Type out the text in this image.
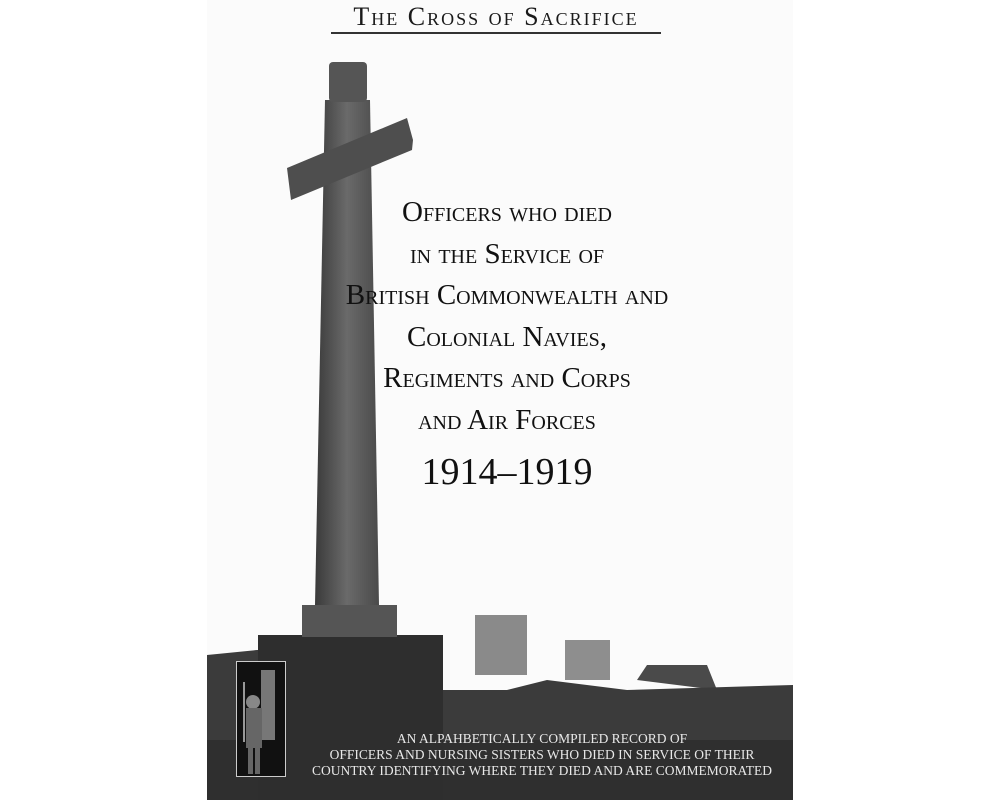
The Cross of Sacrifice
Officers who died
in the Service of
British Commonwealth and
Colonial Navies,
Regiments and Corps
and Air Forces
1914–1919
AN ALPAHBETICALLY COMPILED RECORD OF
OFFICERS AND NURSING SISTERS WHO DIED IN SERVICE OF THEIR
COUNTRY IDENTIFYING WHERE THEY DIED AND ARE COMMEMORATED
